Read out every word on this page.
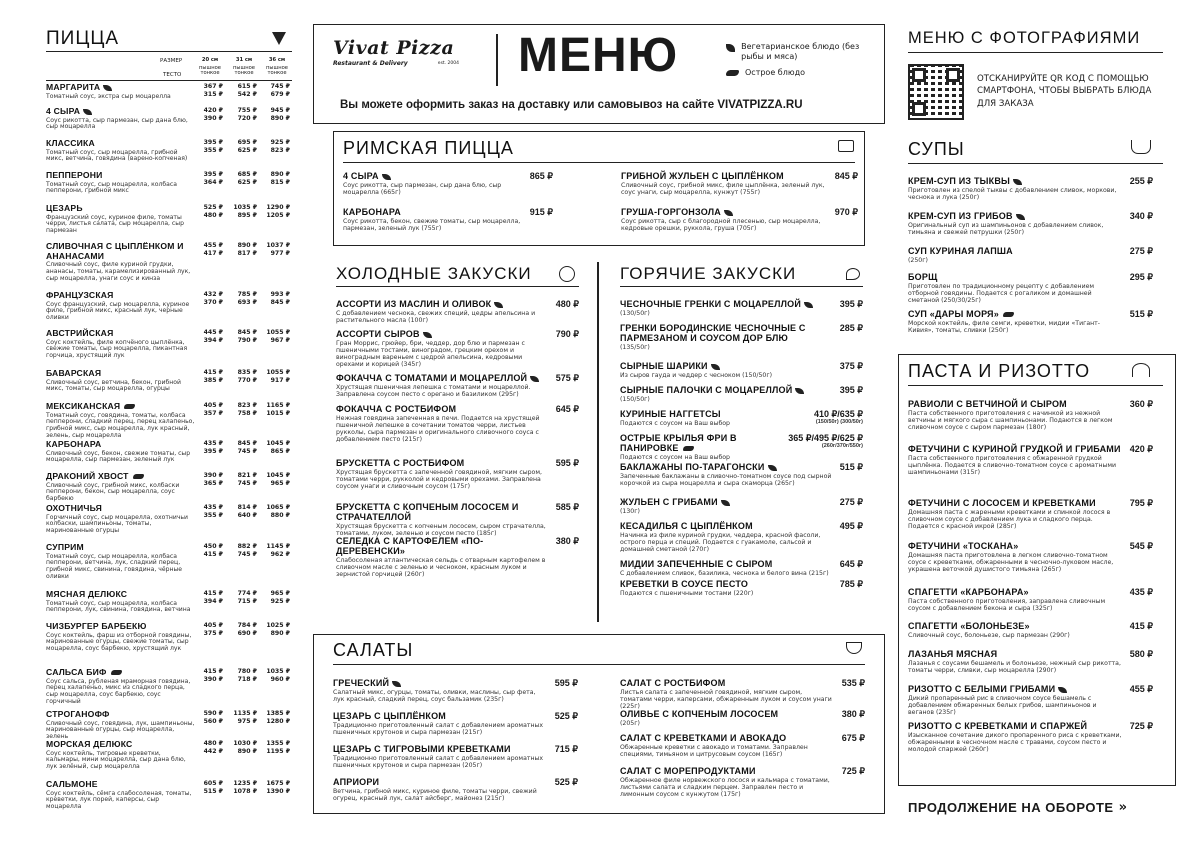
ПИЦЦА
РАЗМЕР
ТЕСТО
20 см
пышное тонкое
31 см
пышное тонкое
36 см
пышное тонкое
МАРГАРИТА
Томатный соус, экстра сыр моцарелла
367 ₽
315 ₽
615 ₽
542 ₽
745 ₽
679 ₽
4 СЫРА
Соус рикотта, сыр пармезан, сыр дана блю, сыр моцарелла
420 ₽
390 ₽
755 ₽
720 ₽
945 ₽
890 ₽
КЛАССИКА
Томатный соус, сыр моцарелла, грибной микс, ветчина, говядина (варено-копченая)
395 ₽
355 ₽
695 ₽
625 ₽
925 ₽
823 ₽
ПЕППЕРОНИ
Томатный соус, сыр моцарелла, колбаса пепперони, грибной микс
395 ₽
364 ₽
685 ₽
625 ₽
890 ₽
815 ₽
ЦЕЗАРЬ
Французский соус, куриное филе, томаты черри, листья салата, сыр моцарелла, сыр пармезан
525 ₽
480 ₽
1035 ₽
895 ₽
1290 ₽
1205 ₽
СЛИВОЧНАЯ С ЦЫПЛЁНКОМ И АНАНАСАМИ
Сливочный соус, филе куриной грудки, ананасы, томаты, карамелизированный лук, сыр моцарелла, унаги соус и кинза
455 ₽
417 ₽
890 ₽
817 ₽
1037 ₽
977 ₽
ФРАНЦУЗСКАЯ
Соус французский, сыр моцарелла, куриное филе, грибной микс, красный лук, черные оливки
432 ₽
370 ₽
785 ₽
693 ₽
993 ₽
845 ₽
АВСТРИЙСКАЯ
Соус коктейль, филе копчёного цыплёнка, свежие томаты, сыр моцарелла, пикантная горчица, хрустящий лук
445 ₽
394 ₽
845 ₽
790 ₽
1055 ₽
967 ₽
БАВАРСКАЯ
Сливочный соус, ветчина, бекон, грибной микс, томаты, сыр моцарелла, огурцы
415 ₽
385 ₽
835 ₽
770 ₽
1055 ₽
917 ₽
МЕКСИКАНСКАЯ
Томатный соус, говядина, томаты, колбаса пепперони, сладкий перец, перец халапеньо, грибной микс, сыр моцарелла, лук красный, зелень, сыр моцарелла
405 ₽
357 ₽
823 ₽
758 ₽
1165 ₽
1015 ₽
КАРБОНАРА
Сливочный соус, бекон, свежие томаты, сыр моцарелла, сыр пармезан, зеленый лук
435 ₽
395 ₽
845 ₽
745 ₽
1045 ₽
865 ₽
ДРАКОНИЙ ХВОСТ
Сливочный соус, грибной микс, колбаски пепперони, бекон, сыр моцарелла, соус барбекю
390 ₽
365 ₽
821 ₽
745 ₽
1045 ₽
965 ₽
ОХОТНИЧЬЯ
Горчичный соус, сыр моцарелла, охотничьи колбаски, шампиньоны, томаты, маринованные огурцы
435 ₽
355 ₽
814 ₽
640 ₽
1065 ₽
880 ₽
СУПРИМ
Томатный соус, сыр моцарелла, колбаса пепперони, ветчина, лук, сладкий перец, грибной микс, свинина, говядина, чёрные оливки
450 ₽
415 ₽
882 ₽
745 ₽
1145 ₽
962 ₽
МЯСНАЯ ДЕЛЮКС
Томатный соус, сыр моцарелла, колбаса пепперони, лук, свинина, говядина, ветчина
415 ₽
394 ₽
774 ₽
715 ₽
965 ₽
925 ₽
ЧИЗБУРГЕР БАРБЕКЮ
Соус коктейль, фарш из отборной говядины, маринованные огурцы, свежие томаты, сыр моцарелла, соус барбекю, хрустящий лук
405 ₽
375 ₽
784 ₽
690 ₽
1025 ₽
890 ₽
САЛЬСА БИФ
Соус сальса, рубленая мраморная говядина, перец халапеньо, микс из сладкого перца, сыр моцарелла, соус барбекю, соус горчичный
415 ₽
390 ₽
780 ₽
718 ₽
1035 ₽
960 ₽
СТРОГАНОФФ
Сливочный соус, говядина, лук, шампиньоны, маринованные огурцы, сыр моцарелла, зелень
590 ₽
560 ₽
1135 ₽
975 ₽
1385 ₽
1280 ₽
МОРСКАЯ ДЕЛЮКС
Соус коктейль, тигровые креветки, кальмары, мини моцарелла, сыр дана блю, лук зелёный, сыр моцарелла
480 ₽
442 ₽
1030 ₽
890 ₽
1355 ₽
1195 ₽
САЛЬМОНЕ
Соус коктейль, сёмга слабосоленая, томаты, креветки, лук порей, каперсы, сыр моцарелла
605 ₽
515 ₽
1235 ₽
1078 ₽
1675 ₽
1390 ₽
Vivat Pizza
Restaurant & Delivery	est. 2004 МЕНЮ	Вегетарианское блюдо (без рыбы и мяса)
Острое блюдо
Вы можете оформить заказ на доставку или самовывоз на сайте VIVATPIZZA.RU
РИМСКАЯ ПИЦЦА
4 СЫРА
Соус рикотта, сыр пармезан, сыр дана блю, сыр моцарелла (665г)
865 ₽
КАРБОНАРА
Соус рикотта, бекон, свежие томаты, сыр моцарелла, пармезан, зеленый лук (755г)
915 ₽
ГРИБНОЙ ЖУЛЬЕН С ЦЫПЛЁНКОМ
Сливочный соус, грибной микс, филе цыплёнка, зеленый лук, соус унаги, сыр моцарелла, кунжут (755г)
845 ₽
ГРУША-ГОРГОНЗОЛА
Соус рикотта, сыр с благородной плесенью, сыр моцарелла, кедровые орешки, руккола, груша (705г)
970 ₽
ХОЛОДНЫЕ ЗАКУСКИ
АССОРТИ ИЗ МАСЛИН И ОЛИВОК
С добавлением чеснока, свежих специй, цедры апельсина и растительного масла (100г)
480 ₽
АССОРТИ СЫРОВ
Гран Моррис, грюйер, бри, чеддер, дор блю и пармезан с пшеничными тостами, виноградом, грецким орехом и виноградным вареньем с цедрой апельсина, кедровыми орехами и корицей (345г)
790 ₽
ФОКАЧЧА С ТОМАТАМИ И МОЦАРЕЛЛОЙ
Хрустящая пшеничная лепешка с томатами и моцареллой. Заправлена соусом песто с орегано и базиликом (295г)
575 ₽
ФОКАЧЧА С РОСТБИФОМ
Нежная говядина запеченная в печи. Подается на хрустящей пшеничной лепешке в сочетании томатов черри, листьев рукколы, сыра пармезан и оригинального сливочного соуса с добавлением песто (215г)
645 ₽
БРУСКЕТТА С РОСТБИФОМ
Хрустящая брускетта с запеченной говядиной, мягким сыром, томатами черри, рукколой и кедровыми орехами. Заправлена соусом унаги и сливочным соусом (175г)
595 ₽
БРУСКЕТТА С КОПЧЕНЫМ ЛОСОСЕМ И СТРАЧАТЕЛЛОЙ
Хрустящая брускетта с копченым лососем, сыром страчателла, томатами, луком, зеленью и соусом песто (185г)
585 ₽
СЕЛЕДКА С КАРТОФЕЛЕМ «ПО-ДЕРЕВЕНСКИ»
Слабосоленая атлантическая сельдь с отварным картофелем в сливочном масле с зеленью и чесноком, красным луком и зернистой горчицей (260г)
380 ₽
ГОРЯЧИЕ ЗАКУСКИ
ЧЕСНОЧНЫЕ ГРЕНКИ С МОЦАРЕЛЛОЙ
(130/50г)
395 ₽
ГРЕНКИ БОРОДИНСКИЕ ЧЕСНОЧНЫЕ С ПАРМЕЗАНОМ И СОУСОМ ДОР БЛЮ
(135/50г)
285 ₽
СЫРНЫЕ ШАРИКИ
Из сыров гауда и чеддер с чесноком (150/50г)
375 ₽
СЫРНЫЕ ПАЛОЧКИ С МОЦАРЕЛЛОЙ
(150/50г)
395 ₽
КУРИНЫЕ НАГГЕТСЫ
Подаются с соусом на Ваш выбор
410 ₽/635 ₽
(150/50г) (300/50г)
ОСТРЫЕ КРЫЛЬЯ ФРИ В ПАНИРОВКЕ
Подаются с соусом на Ваш выбор
365 ₽/495 ₽/625 ₽
(260г/370г/550г)
БАКЛАЖАНЫ ПО-ТАРАГОНСКИ
Запеченные баклажаны в сливочно-томатном соусе под сырной корочкой из сыра моцарелла и сыра скаморца (265г)
515 ₽
ЖУЛЬЕН С ГРИБАМИ
(130г)
275 ₽
КЕСАДИЛЬЯ С ЦЫПЛЁНКОМ
Начинка из филе куриной грудки, чеддера, красной фасоли, острого перца и специй. Подается с гуакамоле, сальсой и домашней сметаной (270г)
495 ₽
МИДИИ ЗАПЕЧЕННЫЕ С СЫРОМ
С добавлением сливок, базилика, чеснока и белого вина (215г)
645 ₽
КРЕВЕТКИ В СОУСЕ ПЕСТО
Подаются с пшеничными тостами (220г)
785 ₽
САЛАТЫ
ГРЕЧЕСКИЙ
Салатный микс, огурцы, томаты, оливки, маслины, сыр фета, лук красный, сладкий перец, соус бальзамик (235г)
595 ₽
ЦЕЗАРЬ С ЦЫПЛЁНКОМ
Традиционно приготовленный салат с добавлением ароматных пшеничных крутонов и сыра пармезан (215г)
525 ₽
ЦЕЗАРЬ С ТИГРОВЫМИ КРЕВЕТКАМИ
Традиционно приготовленный салат с добавлением ароматных пшеничных крутонов и сыра пармезан (205г)
715 ₽
АПРИОРИ
Ветчина, грибной микс, куриное филе, томаты черри, свежий огурец, красный лук, салат айсберг, майонез (215г)
525 ₽
САЛАТ С РОСТБИФОМ
Листья салата с запеченной говядиной, мягким сыром, томатами черри, каперсами, обжаренным луком и соусом унаги (225г)
535 ₽
ОЛИВЬЕ С КОПЧЕНЫМ ЛОСОСЕМ
(205г)
380 ₽
САЛАТ С КРЕВЕТКАМИ И АВОКАДО
Обжаренные креветки с авокадо и томатами. Заправлен специями, тимьяном и цитрусовым соусом (165г)
675 ₽
САЛАТ С МОРЕПРОДУКТАМИ
Обжаренное филе норвежского лосося и кальмара с томатами, листьями салата и сладким перцем. Заправлен песто и лимонным соусом с кунжутом (175г)
725 ₽
МЕНЮ С ФОТОГРАФИЯМИ
ОТСКАНИРУЙТЕ QR КОД С ПОМОЩЬЮ СМАРТФОНА, ЧТОБЫ ВЫБРАТЬ БЛЮДА ДЛЯ ЗАКАЗА
СУПЫ
КРЕМ-СУП ИЗ ТЫКВЫ
Приготовлен из спелой тыквы с добавлением сливок, моркови, чеснока и лука (250г)
255 ₽
КРЕМ-СУП ИЗ ГРИБОВ
Оригинальный суп из шампиньонов с добавлением сливок, тимьяна и свежей петрушки (250г)
340 ₽
СУП КУРИНАЯ ЛАПША
(250г)
275 ₽
БОРЩ
Приготовлен по традиционному рецепту с добавлением отборной говядины. Подается с рогаликом и домашней сметаной (250/30/25г)
295 ₽
СУП «ДАРЫ МОРЯ»
Морской коктейль, филе семги, креветки, мидии «Тигант-Кивия», томаты, сливки (250г)
515 ₽
ПАСТА И РИЗОТТО
РАВИОЛИ С ВЕТЧИНОЙ И СЫРОМ
Паста собственного приготовления с начинкой из нежной ветчины и мягкого сыра с шампиньонами. Подаются в легком сливочном соусе с сыром пармезан (180г)
360 ₽
ФЕТУЧИНИ С КУРИНОЙ ГРУДКОЙ И ГРИБАМИ
Паста собственного приготовления с обжаренной грудкой цыплёнка. Подается в сливочно-томатном соусе с ароматными шампиньонами (315г)
420 ₽
ФЕТУЧИНИ С ЛОСОСЕМ И КРЕВЕТКАМИ
Домашняя паста с жареными креветками и спинкой лосося в сливочном соусе с добавлением лука и сладкого перца. Подается с красной икрой (285г)
795 ₽
ФЕТУЧИНИ «ТОСКАНА»
Домашняя паста приготовлена в легком сливочно-томатном соусе с креветками, обжаренными в чесночно-луковом масле, украшена веточкой душистого тимьяна (265г)
545 ₽
СПАГЕТТИ «КАРБОНАРА»
Паста собственного приготовления, заправлена сливочным соусом с добавлением бекона и сыра (325г)
435 ₽
СПАГЕТТИ «БОЛОНЬЕЗЕ»
Сливочный соус, болоньезе, сыр пармезан (290г)
415 ₽
ЛАЗАНЬЯ МЯСНАЯ
Лазанья с соусами бешамель и болоньезе, нежный сыр рикотта, томаты черри, сливки, сыр моцарелла (290г)
580 ₽
РИЗОТТО С БЕЛЫМИ ГРИБАМИ
Дикий пропаренный рис в сливочном соусе бешамель с добавлением обжаренных белых грибов, шампиньонов и веганов (235г)
455 ₽
РИЗОТТО С КРЕВЕТКАМИ И СПАРЖЕЙ
Изысканное сочетание дикого пропаренного риса с креветками, обжаренными в чесночном масле с травами, соусом песто и молодой спаржей (260г)
725 ₽
ПРОДОЛЖЕНИЕ НА ОБОРОТЕ »
